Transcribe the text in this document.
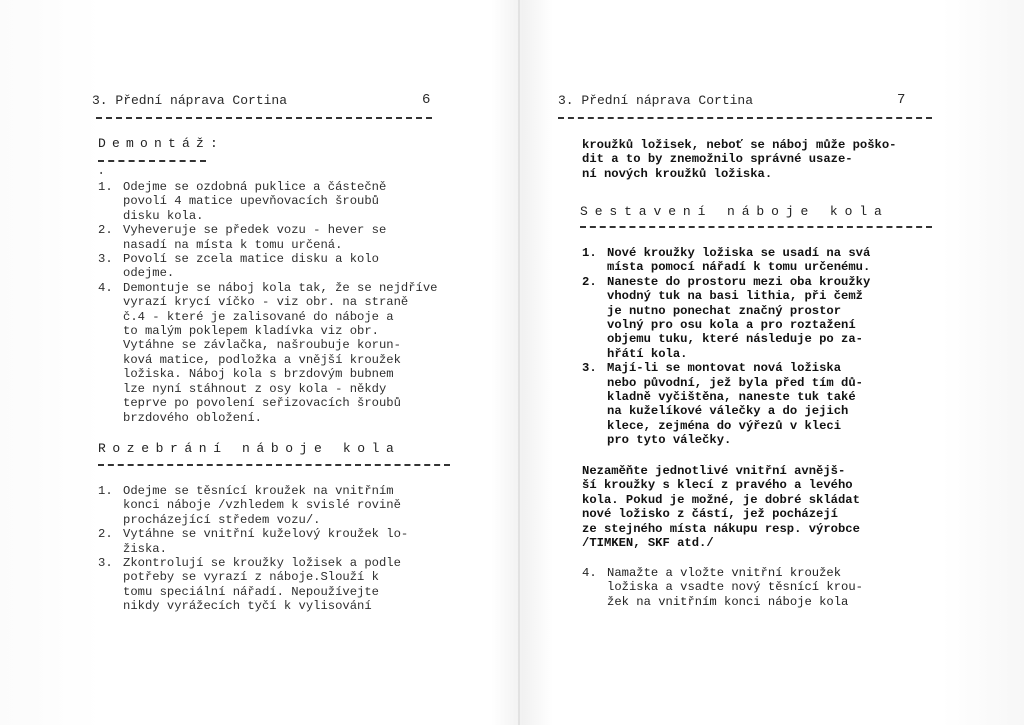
3. Přední náprava Cortina	6
Demontáž:
·
1. Odejme se ozdobná puklice a částečně
povolí 4 matice upevňovacích šroubů
disku kola.
2. Vyheveruje se předek vozu - hever se
nasadí na místa k tomu určená.
3. Povolí se zcela matice disku a kolo
odejme.
4. Demontuje se náboj kola tak, že se nejdříve
vyrazí krycí víčko - viz obr. na straně
č.4 - které je zalisované do náboje a
to malým poklepem kladívka viz obr.
Vytáhne se závlačka, našroubuje korun-
ková matice, podložka a vnější kroužek
ložiska. Náboj kola s brzdovým bubnem
lze nyní stáhnout z osy kola - někdy
teprve po povolení seřizovacích šroubů
brzdového obložení.
Rozebrání náboje kola
1. Odejme se těsnící kroužek na vnitřním
konci náboje /vzhledem k svislé rovině
procházející středem vozu/.
2. Vytáhne se vnitřní kuželový kroužek lo-
žiska.
3. Zkontrolují se kroužky ložisek a podle
potřeby se vyrazí z náboje.Slouží k
tomu speciální nářadí. Nepoužívejte
nikdy vyrážecích tyčí k vylisování
3. Přední náprava Cortina	7
kroužků ložisek, neboť se náboj může poško-
dit a to by znemožnilo správné usaze-
ní nových kroužků ložiska.
Sestavení náboje kola
1. Nové kroužky ložiska se usadí na svá
místa pomocí nářadí k tomu určenému.
2. Naneste do prostoru mezi oba kroužky
vhodný tuk na basi lithia, při čemž
je nutno ponechat značný prostor
volný pro osu kola a pro roztažení
objemu tuku, které následuje po za-
hřátí kola.
3. Mají-li se montovat nová ložiska
nebo původní, jež byla před tím dů-
kladně vyčištěna, naneste tuk také
na kuželíkové válečky a do jejich
klece, zejména do výřezů v kleci
pro tyto válečky.
Nezaměňte jednotlivé vnitřní avnějš-
ší kroužky s klecí z pravého a levého
kola. Pokud je možné, je dobré skládat
nové ložisko z částí, jež pocházejí
ze stejného místa nákupu resp. výrobce
/TIMKEN, SKF atd./
4. Namažte a vložte vnitřní kroužek
ložiska a vsadte nový těsnící krou-
žek na vnitřním konci náboje kola
